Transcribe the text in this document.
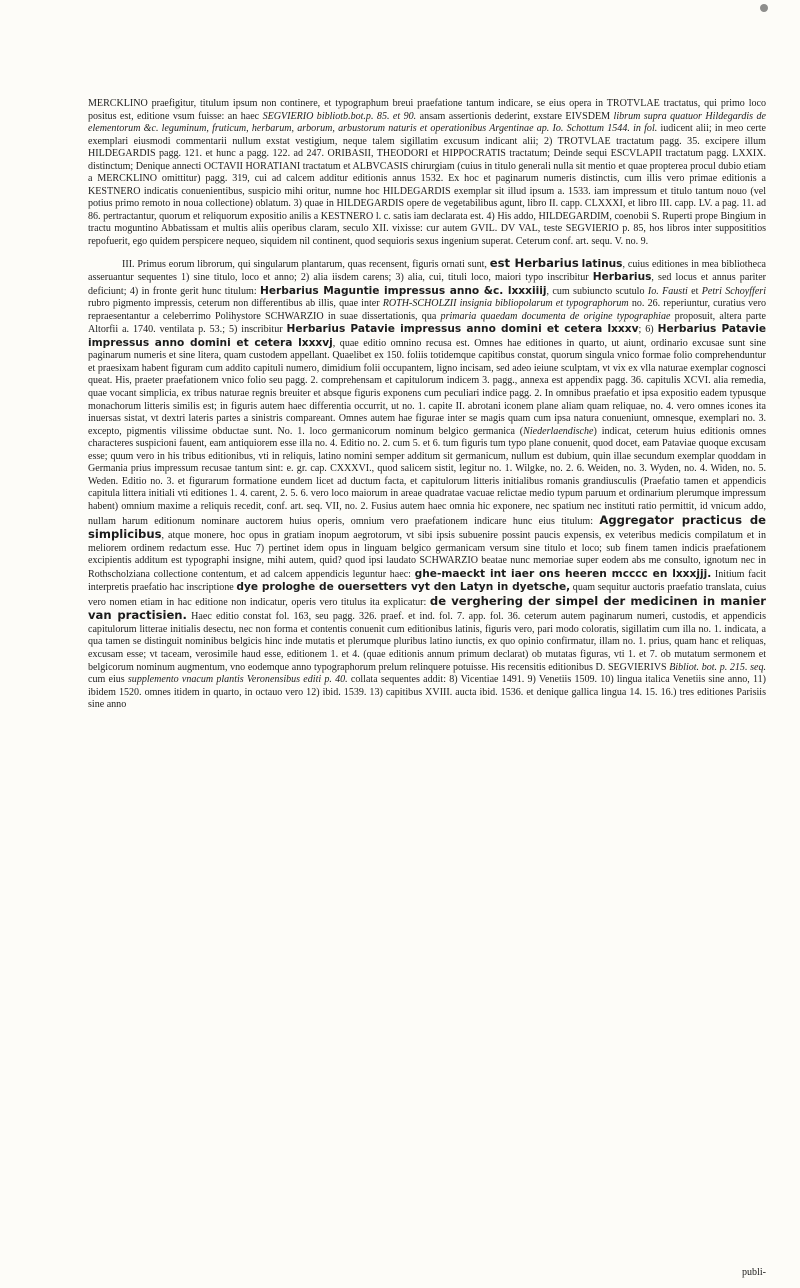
MERCKLINO praefigitur, titulum ipsum non continere, et typographum breui praefatione tantum indicare, se eius opera in TROTVLAE tractatus, qui primo loco positus est, editione vsum fuisse: an haec SEGVIERIO bibliotb.bot.p. 85. et 90. ansam assertionis dederint, exstare EIVSDEM librum supra quatuor Hildegardis de elementorum &c. leguminum, fruticum, herbarum, arborum, arbustorum naturis et operationibus Argentinae ap. Io. Schottum 1544. in fol. iudicent alii; in meo certe exemplari eiusmodi commentarii nullum exstat vestigium, neque talem sigillatim excusum indicant alii; 2) TROTVLAE tractatum pagg. 35. excipere illum HILDEGARDIS pagg. 121. et hunc a pagg. 122. ad 247. ORIBASII, THEODORI et HIPPOCRATIS tractatum; Deinde sequi ESCVLAPII tractatum pagg. LXXIX. distinctum; Denique annecti OCTAVII HORATIANI tractatum et ALBVCASIS chirurgiam (cuius in titulo generali nulla sit mentio et quae propterea procul dubio etiam a MERCKLINO omittitur) pagg. 319, cui ad calcem additur editionis annus 1532. Ex hoc et paginarum numeris distinctis, cum illis vero primae editionis a KESTNERO indicatis conuenientibus, suspicio mihi oritur, numne hoc HILDEGARDIS exemplar sit illud ipsum a. 1533. iam impressum et titulo tantum nouo (vel potius primo remoto in noua collectione) oblatum. 3) quae in HILDEGARDIS opere de vegetabilibus agunt, libro II. capp. CLXXXI, et libro III. capp. LV. a pag. 11. ad 86. pertractantur, quorum et reliquorum expositio anilis a KESTNERO l. c. satis iam declarata est. 4) His addo, HILDEGARDIM, coenobii S. Ruperti prope Bingium in tractu moguntino Abbatissam et multis aliis operibus claram, seculo XII. vixisse: cur autem GVIL. DV VAL, teste SEGVIERIO p. 85, hos libros inter supposititios repofuerit, ego quidem perspicere nequeo, siquidem nil continent, quod sequioris sexus ingenium superat. Ceterum conf. art. sequ. V. no. 9.

III. Primus eorum librorum, qui singularum plantarum, quas recensent, figuris ornati sunt, est Herbarius latinus, cuius editiones in mea bibliotheca asseruantur sequentes 1) sine titulo, loco et anno; 2) alia iisdem carens; 3) alia, cui, tituli loco, maiori typo inscribitur Herbarius, sed locus et annus pariter deficiunt; 4) in fronte gerit hunc titulum: Herbarius Maguntie impressus anno &c. lxxxiiij, cum subiuncto scutulo Io. Fausti et Petri Schoyfferi rubro pigmento impressis, ceterum non differentibus ab illis, quae inter ROTH-SCHOLZII insignia bibliopolarum et typographorum no. 26. reperiuntur, curatius vero repraesentantur a celeberrimo Polihystore SCHWARZIO in suae dissertationis, qua primaria quaedam documenta de origine typographiae proposuit, altera parte Altorfii a. 1740. ventilata p. 53.; 5) inscribitur Herbarius Patavie impressus anno domini et cetera lxxxv; 6) Herbarius Patavie impressus anno domini et cetera lxxxvj, quae editio omnino recusa est. Omnes hae editiones in quarto, ut aiunt, ordinario excusae sunt sine paginarum numeris et sine litera, quam custodem appellant. Quaelibet ex 150. foliis totidemque capitibus constat, quorum singula vnico formae folio comprehenduntur et praesixam habent figuram cum addito capituli numero, dimidium folii occupantem, ligno incisam, sed adeo ieiune sculptam, vt vix ex vlla naturae exemplar cognosci queat. His, praeter praefationem vnico folio seu pagg. 2. comprehensam et capitulorum indicem 3. pagg., annexa est appendix pagg. 36. capitulis XCVI. alia remedia, quae vocant simplicia, ex tribus naturae regnis breuiter et absque figuris exponens cum peculiari indice pagg. 2. In omnibus praefatio et ipsa expositio eadem typusque monachorum litteris similis est; in figuris autem haec differentia occurrit, ut no. 1. capite II. abrotani iconem plane aliam quam reliquae, no. 4. vero omnes icones ita inuersas sistat, vt dextri lateris partes a sinistris compareant. Omnes autem hae figurae inter se magis quam cum ipsa natura conueniunt, omnesque, exemplari no. 3. excepto, pigmentis vilissime obductae sunt. No. 1. loco germanicorum nominum belgico germanica (Niederlaendische) indicat, ceterum huius editionis omnes characteres suspicioni fauent, eam antiquiorem esse illa no. 4. Editio no. 2. cum 5. et 6. tum figuris tum typo plane conuenit, quod docet, eam Pataviae quoque excusam esse; quum vero in his tribus editionibus, vti in reliquis, latino nomini semper additum sit germanicum, nullum est dubium, quin illae secundum exemplar quoddam in Germania prius impressum recusae tantum sint: e. gr. cap. CXXXVI., quod salicem sistit, legitur no. 1. Wilgke, no. 2. 6. Weiden, no. 3. Wyden, no. 4. Widen, no. 5. Weden. Editio no. 3. et figurarum formatione eundem licet ad ductum facta, et capitulorum litteris initialibus romanis grandiusculis (Praefatio tamen et appendicis capitula littera initiali vti editiones 1. 4. carent, 2. 5. 6. vero loco maiorum in areae quadratae vacuae relictae medio typum paruum et ordinarium plerumque impressum habent) omnium maxime a reliquis recedit, conf. art. seq. VII, no. 2. Fusius autem haec omnia hic exponere, nec spatium nec instituti ratio permittit, id vnicum addo, nullam harum editionum nominare auctorem huius operis, omnium vero praefationem indicare hunc eius titulum: Aggregator practicus de simplicibus, atque monere, hoc opus in gratiam inopum aegrotorum, vt sibi ipsis subuenire possint paucis expensis, ex veteribus medicis compilatum et in meliorem ordinem redactum esse. Huc 7) pertinet idem opus in linguam belgico germanicam versum sine titulo et loco; sub finem tamen indicis praefationem excipientis additum est typographi insigne, mihi autem, quid? quod ipsi laudato SCHWARZIO beatae nunc memoriae super eodem abs me consulto, ignotum nec in Rothscholziana collectione contentum, et ad calcem appendicis leguntur haec: ghe-maeckt int iaer ons heeren mcccc en lxxxjjj. Initium facit interpretis praefatio hac inscriptione dye prologhe de ouersetters vyt den Latyn in dyetsche, quam sequitur auctoris praefatio translata, cuius vero nomen etiam in hac editione non indicatur, operis vero titulus ita explicatur: de verghering der simpel der medicinen in manier van practisien. Haec editio constat fol. 163, seu pagg. 326. praef. et ind. fol. 7. app. fol. 36. ceterum autem paginarum numeri, custodis, et appendicis capitulorum litterae initialis desectu, nec non forma et contentis conuenit cum editionibus latinis, figuris vero, pari modo coloratis, sigillatim cum illa no. 1. indicata, a qua tamen se distinguit nominibus belgicis hinc inde mutatis et plerumque pluribus latino iunctis, ex quo opinio confirmatur, illam no. 1. prius, quam hanc et reliquas, excusam esse; vt taceam, verosimile haud esse, editionem 1. et 4. (quae editionis annum primum declarat) ob mutatas figuras, vti 1. et 7. ob mutatum sermonem et belgicorum nominum augmentum, vno eodemque anno typographorum prelum relinquere potuisse. His recensitis editionibus D. SEGVIERIVS Bibliot. bot. p. 215. seq. cum eius supplemento vnacum plantis Veronensibus editi p. 40. collata sequentes addit: 8) Vicentiae 1491. 9) Venetiis 1509. 10) lingua italica Venetiis sine anno, 11) ibidem 1520. omnes itidem in quarto, in octauo vero 12) ibid. 1539. 13) capitibus XVIII. aucta ibid. 1536. et denique gallica lingua 14. 15. 16.) tres editiones Parisiis sine anno

publi-
